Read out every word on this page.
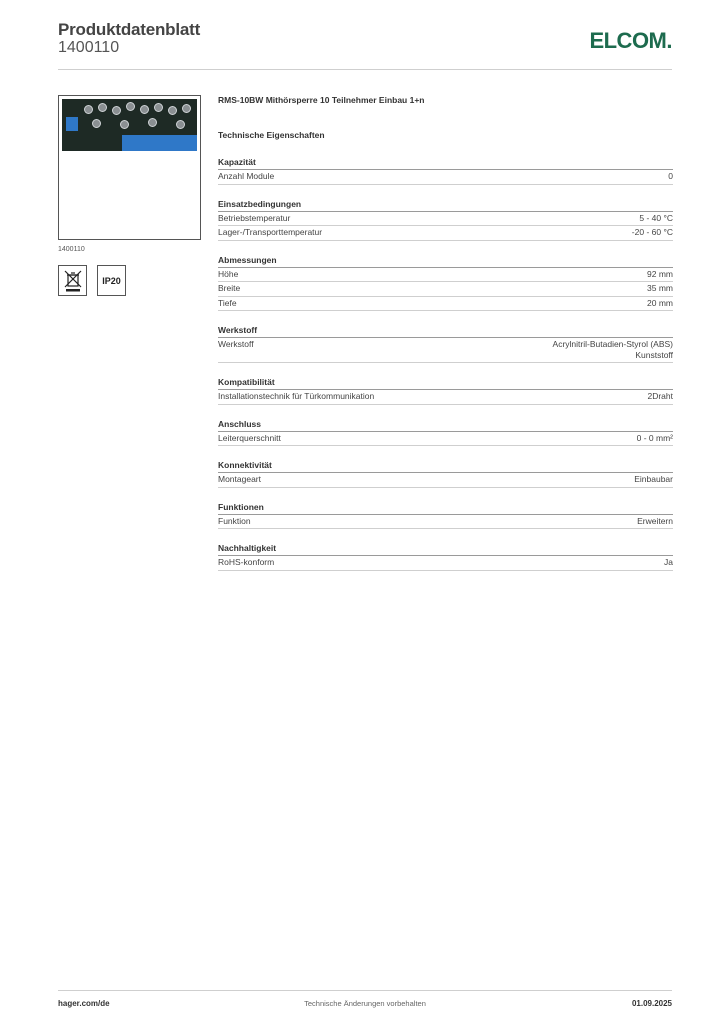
Produktdatenblatt
1400110	ELCOM.
1400110
IP20
RMS-10BW Mithörsperre 10 Teilnehmer Einbau 1+n
Technische Eigenschaften
Kapazität
Anzahl Module	0
Einsatzbedingungen
Betriebstemperatur	5 - 40 °C
Lager-/Transporttemperatur	-20 - 60 °C
Abmessungen
Höhe	92 mm
Breite	35 mm
Tiefe	20 mm
Werkstoff
Werkstoff	Acrylnitril-Butadien-Styrol (ABS)
Kunststoff
Kompatibilität
Installationstechnik für Türkommunikation	2Draht
Anschluss
Leiterquerschnitt	0 - 0 mm²
Konnektivität
Montageart	Einbaubar
Funktionen
Funktion	Erweitern
Nachhaltigkeit
RoHS-konform	Ja
hager.com/de	Technische Änderungen vorbehalten	01.09.2025
